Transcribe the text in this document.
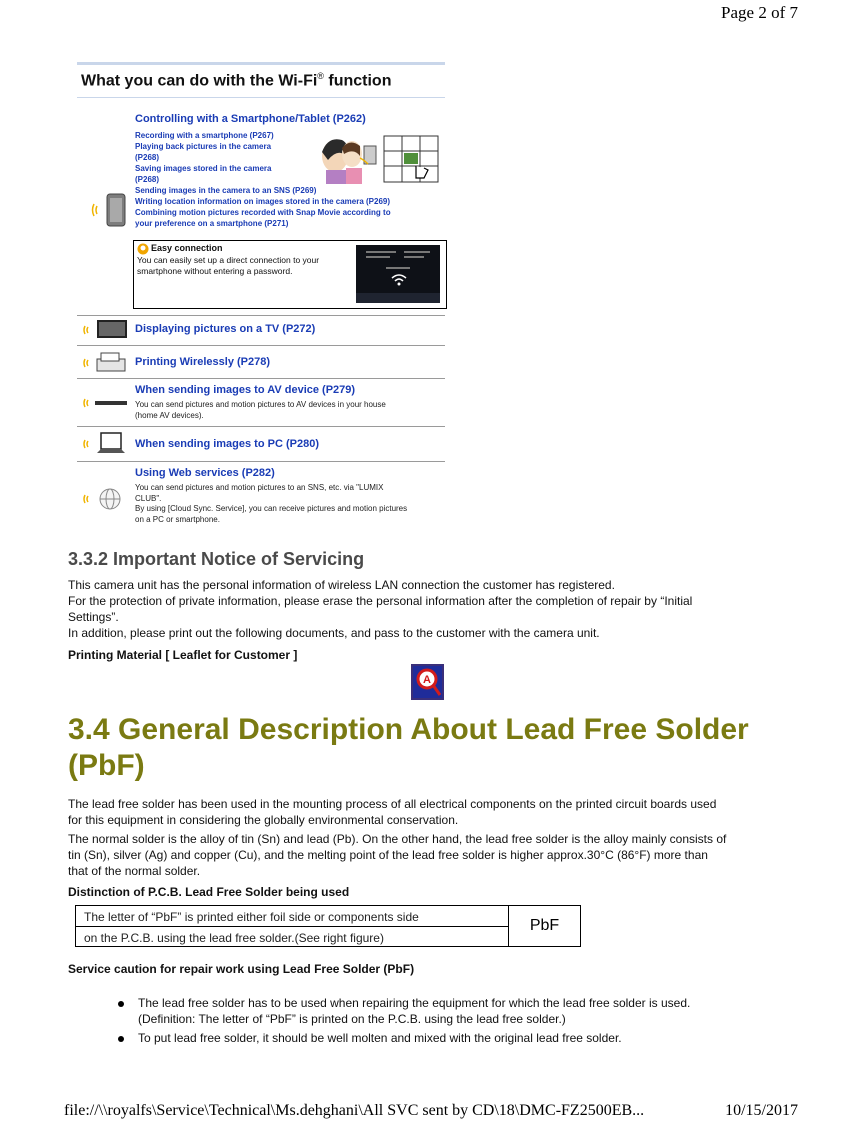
Page 2 of 7
What you can do with the Wi-Fi® function
Controlling with a Smartphone/Tablet (P262)
Recording with a smartphone (P267)
Playing back pictures in the camera
(P268)
Saving images stored in the camera
(P268)
Sending images in the camera to an SNS (P269)
Writing location information on images stored in the camera (P269)
Combining motion pictures recorded with Snap Movie according to
your preference on a smartphone (P271)
Easy connection
You can easily set up a direct connection to your
smartphone without entering a password.
Displaying pictures on a TV (P272)
Printing Wirelessly (P278)
When sending images to AV device (P279)
You can send pictures and motion pictures to AV devices in your house
(home AV devices).
When sending images to PC (P280)
Using Web services (P282)
You can send pictures and motion pictures to an SNS, etc. via "LUMIX
CLUB".
By using [Cloud Sync. Service], you can receive pictures and motion pictures
on a PC or smartphone.
3.3.2 Important Notice of Servicing
This camera unit has the personal information of wireless LAN connection the customer has registered.
For the protection of private information, please erase the personal information after the completion of repair by “Initial
Settings”.
In addition, please print out the following documents, and pass to the customer with the camera unit.
Printing Material [ Leaflet for Customer ]
A
3.4 General Description About Lead Free Solder (PbF)
The lead free solder has been used in the mounting process of all electrical components on the printed circuit boards used
for this equipment in considering the globally environmental conservation.
The normal solder is the alloy of tin (Sn) and lead (Pb). On the other hand, the lead free solder is the alloy mainly consists of
tin (Sn), silver (Ag) and copper (Cu), and the melting point of the lead free solder is higher approx.30°C (86°F) more than
that of the normal solder.
Distinction of P.C.B. Lead Free Solder being used
The letter of “PbF” is printed either foil side or components side
on the P.C.B. using the lead free solder.(See right figure)
PbF
Service caution for repair work using Lead Free Solder (PbF)
The lead free solder has to be used when repairing the equipment for which the lead free solder is used.
(Definition: The letter of “PbF” is printed on the P.C.B. using the lead free solder.)
To put lead free solder, it should be well molten and mixed with the original lead free solder.
file://\\royalfs\Service\Technical\Ms.dehghani\All SVC sent by CD\18\DMC-FZ2500EB...	10/15/2017
